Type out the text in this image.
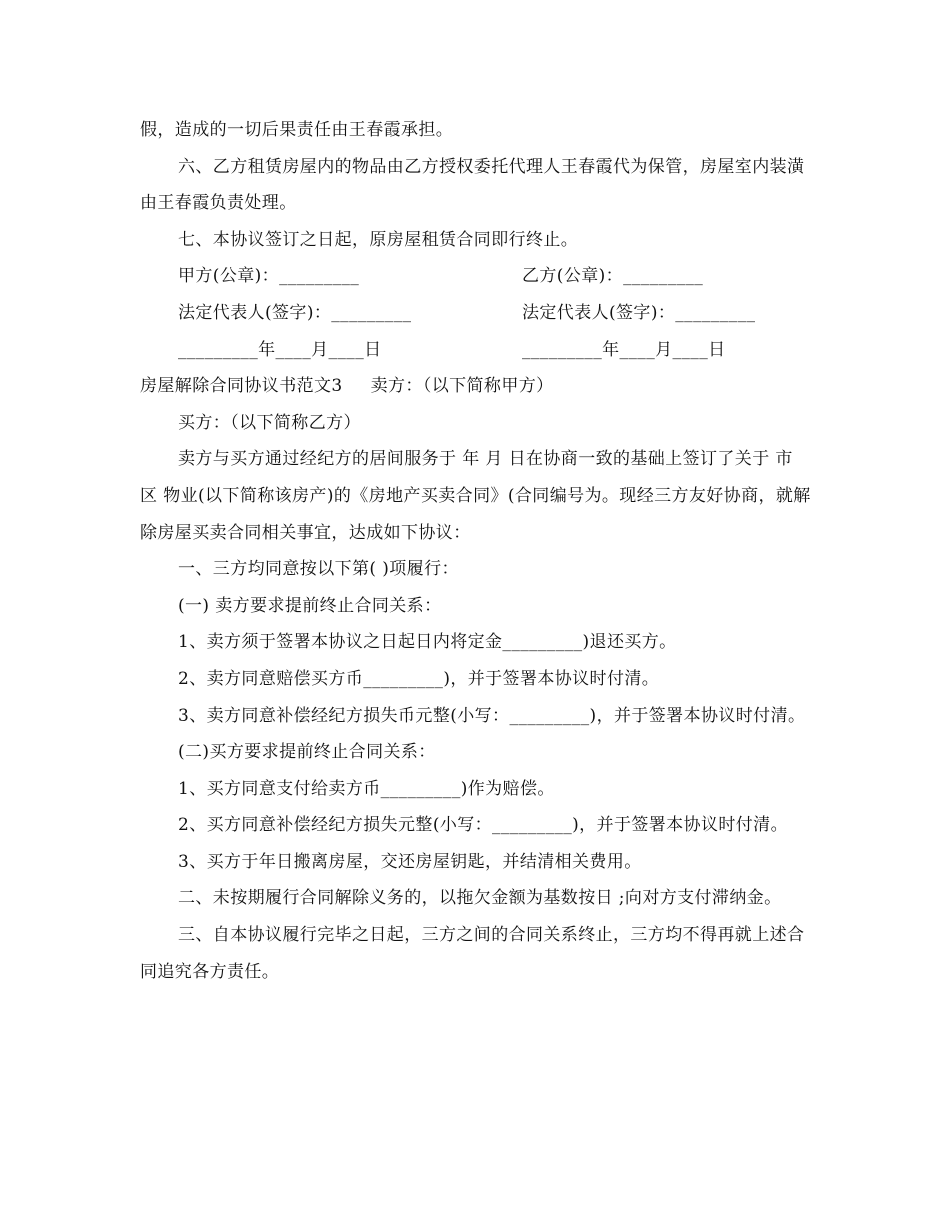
假，造成的一切后果责任由王春霞承担。

六、乙方租赁房屋内的物品由乙方授权委托代理人王春霞代为保管，房屋室内装潢由王春霞负责处理。

七、本协议签订之日起，原房屋租赁合同即行终止。

甲方(公章)：_________	乙方(公章)：_________
法定代表人(签字)：_________	法定代表人(签字)：_________
_________年____月____日	_________年____月____日

房屋解除合同协议书范文3 卖方：（以下简称甲方）

买方：（以下简称乙方）

卖方与买方通过经纪方的居间服务于 年 月 日在协商一致的基础上签订了关于 市 区 物业(以下简称该房产)的《房地产买卖合同》(合同编号为。现经三方友好协商，就解除房屋买卖合同相关事宜，达成如下协议：

一、三方均同意按以下第( )项履行：

(一) 卖方要求提前终止合同关系：

1、卖方须于签署本协议之日起日内将定金_________)退还买方。

2、卖方同意赔偿买方币_________)，并于签署本协议时付清。

3、卖方同意补偿经纪方损失币元整(小写：_________)，并于签署本协议时付清。

(二)买方要求提前终止合同关系：

1、买方同意支付给卖方币_________)作为赔偿。

2、买方同意补偿经纪方损失元整(小写：_________)，并于签署本协议时付清。

3、买方于年日搬离房屋，交还房屋钥匙，并结清相关费用。

二、未按期履行合同解除义务的，以拖欠金额为基数按日 ;向对方支付滞纳金。

三、自本协议履行完毕之日起，三方之间的合同关系终止，三方均不得再就上述合同追究各方责任。
